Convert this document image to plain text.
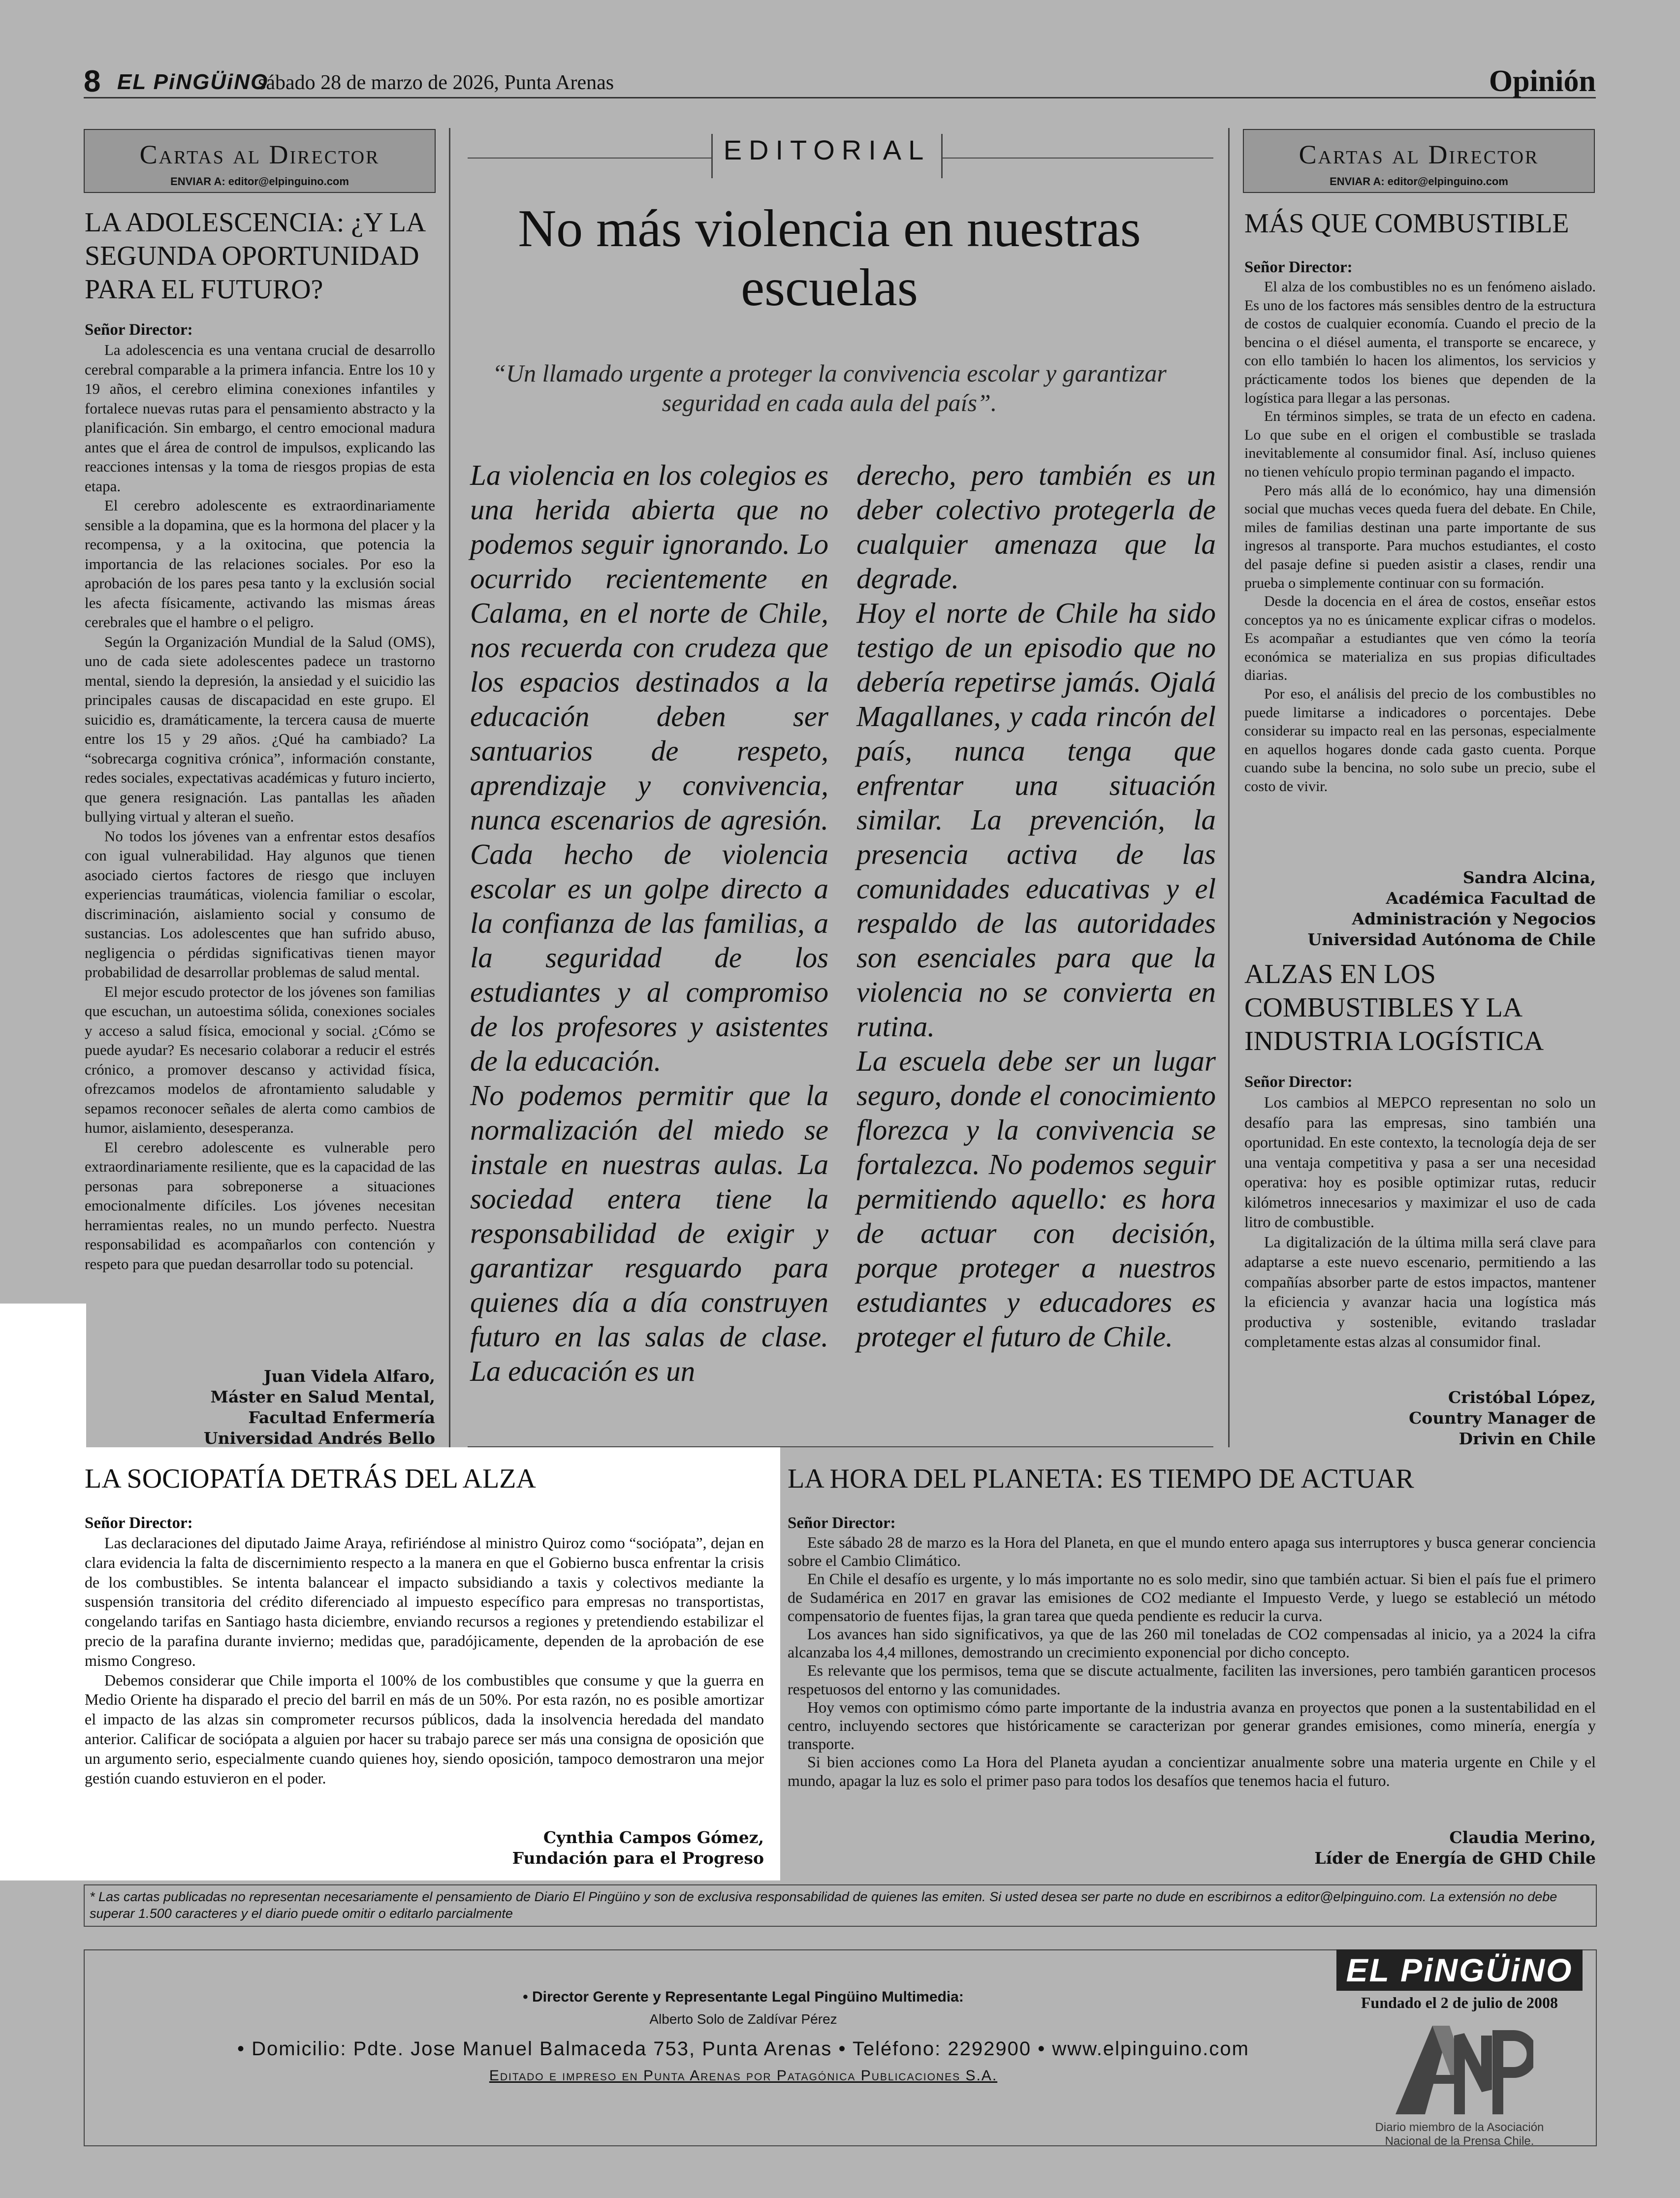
8 EL PiNGÜiNO
sábado 28 de marzo de 2026, Punta Arenas	Opinión
Cartas al Director
ENVIAR A: editor@elpinguino.com
Cartas al Director
ENVIAR A: editor@elpinguino.com
LA ADOLESCENCIA: ¿Y LA SEGUNDA OPORTUNIDAD PARA EL FUTURO?
Señor Director:

La adolescencia es una ventana crucial de desarrollo cerebral comparable a la primera infancia. Entre los 10 y 19 años, el cerebro elimina conexiones infantiles y fortalece nuevas rutas para el pensamiento abstracto y la planificación. Sin embargo, el centro emocional madura antes que el área de control de impulsos, explicando las reacciones intensas y la toma de riesgos propias de esta etapa.

El cerebro adolescente es extraordinariamente sensible a la dopamina, que es la hormona del placer y la recompensa, y a la oxitocina, que potencia la importancia de las relaciones sociales. Por eso la aprobación de los pares pesa tanto y la exclusión social les afecta físicamente, activando las mismas áreas cerebrales que el hambre o el peligro.

Según la Organización Mundial de la Salud (OMS), uno de cada siete adolescentes padece un trastorno mental, siendo la depresión, la ansiedad y el suicidio las principales causas de discapacidad en este grupo. El suicidio es, dramáticamente, la tercera causa de muerte entre los 15 y 29 años. ¿Qué ha cambiado? La “sobrecarga cognitiva crónica”, información constante, redes sociales, expectativas académicas y futuro incierto, que genera resignación. Las pantallas les añaden bullying virtual y alteran el sueño.

No todos los jóvenes van a enfrentar estos desafíos con igual vulnerabilidad. Hay algunos que tienen asociado ciertos factores de riesgo que incluyen experiencias traumáticas, violencia familiar o escolar, discriminación, aislamiento social y consumo de sustancias. Los adolescentes que han sufrido abuso, negligencia o pérdidas significativas tienen mayor probabilidad de desarrollar problemas de salud mental.

El mejor escudo protector de los jóvenes son familias que escuchan, un autoestima sólida, conexiones sociales y acceso a salud física, emocional y social. ¿Cómo se puede ayudar? Es necesario colaborar a reducir el estrés crónico, a promover descanso y actividad física, ofrezcamos modelos de afrontamiento saludable y sepamos reconocer señales de alerta como cambios de humor, aislamiento, desesperanza.

El cerebro adolescente es vulnerable pero extraordinariamente resiliente, que es la capacidad de las personas para sobreponerse a situaciones emocionalmente difíciles. Los jóvenes necesitan herramientas reales, no un mundo perfecto. Nuestra responsabilidad es acompañarlos con contención y respeto para que puedan desarrollar todo su potencial.

Juan Videla Alfaro,
Máster en Salud Mental,
Facultad Enfermería
Universidad Andrés Bello
EDITORIAL
No más violencia en nuestras escuelas
“Un llamado urgente a proteger la convivencia escolar y garantizar seguridad en cada aula del país”.
La violencia en los colegios es una herida abierta que no podemos seguir ignorando. Lo ocurrido recientemente en Calama, en el norte de Chile, nos recuerda con crudeza que los espacios destinados a la educación deben ser santuarios de respeto, aprendizaje y convivencia, nunca escenarios de agresión. Cada hecho de violencia escolar es un golpe directo a la confianza de las familias, a la seguridad de los estudiantes y al compromiso de los profesores y asistentes de la educación.
No podemos permitir que la normalización del miedo se instale en nuestras aulas. La sociedad entera tiene la responsabilidad de exigir y garantizar resguardo para quienes día a día construyen futuro en las salas de clase. La educación es un
derecho, pero también es un deber colectivo protegerla de cualquier amenaza que la degrade.
Hoy el norte de Chile ha sido testigo de un episodio que no debería repetirse jamás. Ojalá Magallanes, y cada rincón del país, nunca tenga que enfrentar una situación similar. La prevención, la presencia activa de las comunidades educativas y el respaldo de las autoridades son esenciales para que la violencia no se convierta en rutina.
La escuela debe ser un lugar seguro, donde el conocimiento florezca y la convivencia se fortalezca. No podemos seguir permitiendo aquello: es hora de actuar con decisión, porque proteger a nuestros estudiantes y educadores es proteger el futuro de Chile.
MÁS QUE COMBUSTIBLE
Señor Director:

El alza de los combustibles no es un fenómeno aislado. Es uno de los factores más sensibles dentro de la estructura de costos de cualquier economía. Cuando el precio de la bencina o el diésel aumenta, el transporte se encarece, y con ello también lo hacen los alimentos, los servicios y prácticamente todos los bienes que dependen de la logística para llegar a las personas.

En términos simples, se trata de un efecto en cadena. Lo que sube en el origen el combustible se traslada inevitablemente al consumidor final. Así, incluso quienes no tienen vehículo propio terminan pagando el impacto.

Pero más allá de lo económico, hay una dimensión social que muchas veces queda fuera del debate. En Chile, miles de familias destinan una parte importante de sus ingresos al transporte. Para muchos estudiantes, el costo del pasaje define si pueden asistir a clases, rendir una prueba o simplemente continuar con su formación.

Desde la docencia en el área de costos, enseñar estos conceptos ya no es únicamente explicar cifras o modelos. Es acompañar a estudiantes que ven cómo la teoría económica se materializa en sus propias dificultades diarias.

Por eso, el análisis del precio de los combustibles no puede limitarse a indicadores o porcentajes. Debe considerar su impacto real en las personas, especialmente en aquellos hogares donde cada gasto cuenta. Porque cuando sube la bencina, no solo sube un precio, sube el costo de vivir.

Sandra Alcina,
Académica Facultad de
Administración y Negocios
Universidad Autónoma de Chile
ALZAS EN LOS COMBUSTIBLES Y LA INDUSTRIA LOGÍSTICA
Señor Director:

Los cambios al MEPCO representan no solo un desafío para las empresas, sino también una oportunidad. En este contexto, la tecnología deja de ser una ventaja competitiva y pasa a ser una necesidad operativa: hoy es posible optimizar rutas, reducir kilómetros innecesarios y maximizar el uso de cada litro de combustible.

La digitalización de la última milla será clave para adaptarse a este nuevo escenario, permitiendo a las compañías absorber parte de estos impactos, mantener la eficiencia y avanzar hacia una logística más productiva y sostenible, evitando trasladar completamente estas alzas al consumidor final.

Cristóbal López,
Country Manager de
Drivin en Chile
LA SOCIOPATÍA DETRÁS DEL ALZA
Señor Director:

Las declaraciones del diputado Jaime Araya, refiriéndose al ministro Quiroz como “sociópata”, dejan en clara evidencia la falta de discernimiento respecto a la manera en que el Gobierno busca enfrentar la crisis de los combustibles. Se intenta balancear el impacto subsidiando a taxis y colectivos mediante la suspensión transitoria del crédito diferenciado al impuesto específico para empresas no transportistas, congelando tarifas en Santiago hasta diciembre, enviando recursos a regiones y pretendiendo estabilizar el precio de la parafina durante invierno; medidas que, paradójicamente, dependen de la aprobación de ese mismo Congreso.

Debemos considerar que Chile importa el 100% de los combustibles que consume y que la guerra en Medio Oriente ha disparado el precio del barril en más de un 50%. Por esta razón, no es posible amortizar el impacto de las alzas sin comprometer recursos públicos, dada la insolvencia heredada del mandato anterior. Calificar de sociópata a alguien por hacer su trabajo parece ser más una consigna de oposición que un argumento serio, especialmente cuando quienes hoy, siendo oposición, tampoco demostraron una mejor gestión cuando estuvieron en el poder.

Cynthia Campos Gómez,
Fundación para el Progreso
LA HORA DEL PLANETA: ES TIEMPO DE ACTUAR
Señor Director:

Este sábado 28 de marzo es la Hora del Planeta, en que el mundo entero apaga sus interruptores y busca generar conciencia sobre el Cambio Climático.

En Chile el desafío es urgente, y lo más importante no es solo medir, sino que también actuar. Si bien el país fue el primero de Sudamérica en 2017 en gravar las emisiones de CO2 mediante el Impuesto Verde, y luego se estableció un método compensatorio de fuentes fijas, la gran tarea que queda pendiente es reducir la curva.

Los avances han sido significativos, ya que de las 260 mil toneladas de CO2 compensadas al inicio, ya a 2024 la cifra alcanzaba los 4,4 millones, demostrando un crecimiento exponencial por dicho concepto.

Es relevante que los permisos, tema que se discute actualmente, faciliten las inversiones, pero también garanticen procesos respetuosos del entorno y las comunidades.

Hoy vemos con optimismo cómo parte importante de la industria avanza en proyectos que ponen a la sustentabilidad en el centro, incluyendo sectores que históricamente se caracterizan por generar grandes emisiones, como minería, energía y transporte.

Si bien acciones como La Hora del Planeta ayudan a concientizar anualmente sobre una materia urgente en Chile y el mundo, apagar la luz es solo el primer paso para todos los desafíos que tenemos hacia el futuro.

Claudia Merino,
Líder de Energía de GHD Chile
* Las cartas publicadas no representan necesariamente el pensamiento de Diario El Pingüino y son de exclusiva responsabilidad de quienes las emiten. Si usted desea ser parte no dude en escribirnos a editor@elpinguino.com. La extensión no debe superar 1.500 caracteres y el diario puede omitir o editarlo parcialmente
• Director Gerente y Representante Legal Pingüino Multimedia:
Alberto Solo de Zaldívar Pérez
• Domicilio: Pdte. Jose Manuel Balmaceda 753, Punta Arenas • Teléfono: 2292900 • www.elpinguino.com
Editado e impreso en Punta Arenas por Patagónica Publicaciones S.A.
EL PiNGÜiNO
Fundado el 2 de julio de 2008
Diario miembro de la Asociación Nacional de la Prensa Chile.
